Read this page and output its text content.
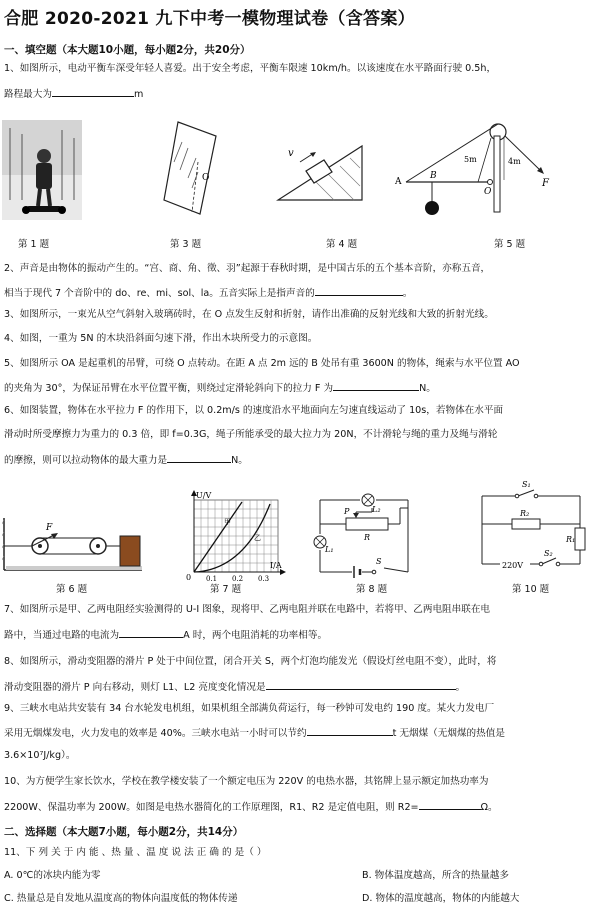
合肥 2020-2021 九下中考一模物理试卷（含答案）
一、填空题（本大题10小题，每小题2分，共20分）
1、如图所示，电动平衡车深受年轻人喜爱。出于安全考虑，平衡车限速 10km/h。以该速度在水平路面行驶 0.5h，
路程最大为	m
O
v
A
B
O
F
5m	4m
第 1 题	第 3 题	第 4 题	第 5 题
2、声音是由物体的振动产生的。“宫、商、角、徵、羽”起源于春秋时期，是中国古乐的五个基本音阶，亦称五音，
相当于现代 7 个音阶中的 do、re、mi、sol、la。五音实际上是指声音的	。
3、如图所示，一束光从空气斜射入玻璃砖时，在 O 点发生反射和折射，请作出准确的反射光线和大致的折射光线。
4、如图，一重为 5N 的木块沿斜面匀速下滑，作出木块所受力的示意图。
5、如图所示 OA 是起重机的吊臂，可绕 O 点转动。在距 A 点 2m 远的 B 处吊有重 3600N 的物体，绳索与水平位置 AO
的夹角为 30°，为保证吊臂在水平位置平衡，则绕过定滑轮斜向下的拉力 F 为	N。
6、如图装置，物体在水平拉力 F 的作用下，以 0.2m/s 的速度沿水平地面向左匀速直线运动了 10s，若物体在水平面
滑动时所受摩擦力为重力的 0.3 倍，即 f=0.3G，绳子所能承受的最大拉力为 20N，不计滑轮与绳的重力及绳与滑轮
的摩擦，则可以拉动物体的最大重力是	N。
F
U/V
I/A
0 0.1 0.2 0.3
甲
乙
L₂
L₁
P
R
S
S₁
S₂
R₂
R₁
220V
第 6 题	第 7 题	第 8 题	第 10 题
7、如图所示是甲、乙两电阻经实验测得的 U-I 图象，现将甲、乙两电阻并联在电路中，若将甲、乙两电阻串联在电
路中，当通过电路的电流为	A 时，两个电阻消耗的功率相等。
8、如图所示，滑动变阻器的滑片 P 处于中间位置，闭合开关 S，两个灯泡均能发光（假设灯丝电阻不变），此时，将
滑动变阻器的滑片 P 向右移动，则灯 L1、L2 亮度变化情况是	。
9、三峡水电站共安装有 34 台水轮发电机组，如果机组全部满负荷运行，每一秒钟可发电约 190 度。某火力发电厂
采用无烟煤发电，火力发电的效率是 40%。三峡水电站一小时可以节约	t 无烟煤（无烟煤的热值是
3.6×10⁷J/kg）。
10、为方便学生家长饮水，学校在教学楼安装了一个额定电压为 220V 的电热水器，其铭牌上显示额定加热功率为
2200W、保温功率为 200W。如图是电热水器简化的工作原理图，R1、R2 是定值电阻，则 R2=	Ω。
二、选择题（本大题7小题，每小题2分，共14分）
11、下 列 关 于 内 能 、热 量 、温 度 说 法 正 确 的 是（ ）
A. 0℃的冰块内能为零	B. 物体温度越高，所含的热量越多
C. 热量总是自发地从温度高的物体向温度低的物体传递	D. 物体的温度越高，物体的内能越大
